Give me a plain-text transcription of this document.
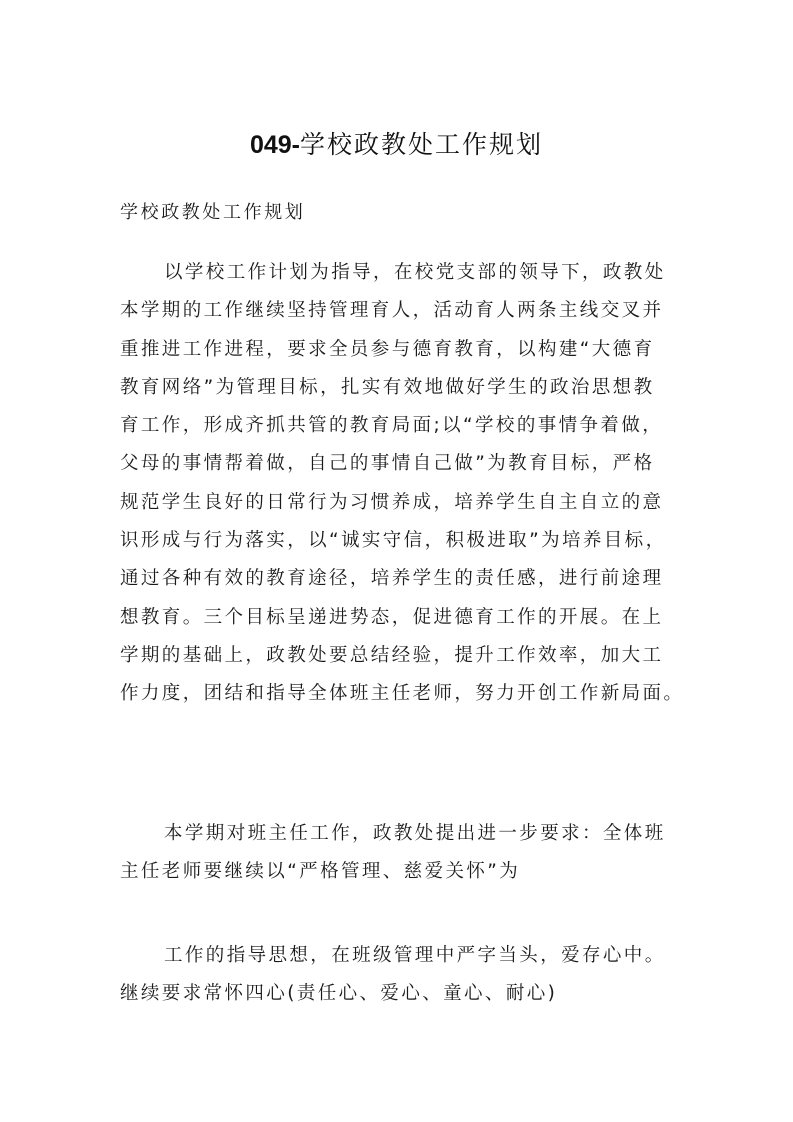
049-学校政教处工作规划
学校政教处工作规划
以学校工作计划为指导，在校党支部的领导下，政教处
本学期的工作继续坚持管理育人，活动育人两条主线交叉并
重推进工作进程，要求全员参与德育教育，以构建“大德育
教育网络”为管理目标，扎实有效地做好学生的政治思想教
育工作，形成齐抓共管的教育局面;以“学校的事情争着做，
父母的事情帮着做，自己的事情自己做”为教育目标，严格
规范学生良好的日常行为习惯养成，培养学生自主自立的意
识形成与行为落实，以“诚实守信，积极进取”为培养目标，
通过各种有效的教育途径，培养学生的责任感，进行前途理
想教育。三个目标呈递进势态，促进德育工作的开展。在上
学期的基础上，政教处要总结经验，提升工作效率，加大工
作力度，团结和指导全体班主任老师，努力开创工作新局面。
本学期对班主任工作，政教处提出进一步要求：全体班
主任老师要继续以“严格管理、慈爱关怀”为
工作的指导思想，在班级管理中严字当头，爱存心中。
继续要求常怀四心(责任心、爱心、童心、耐心)
